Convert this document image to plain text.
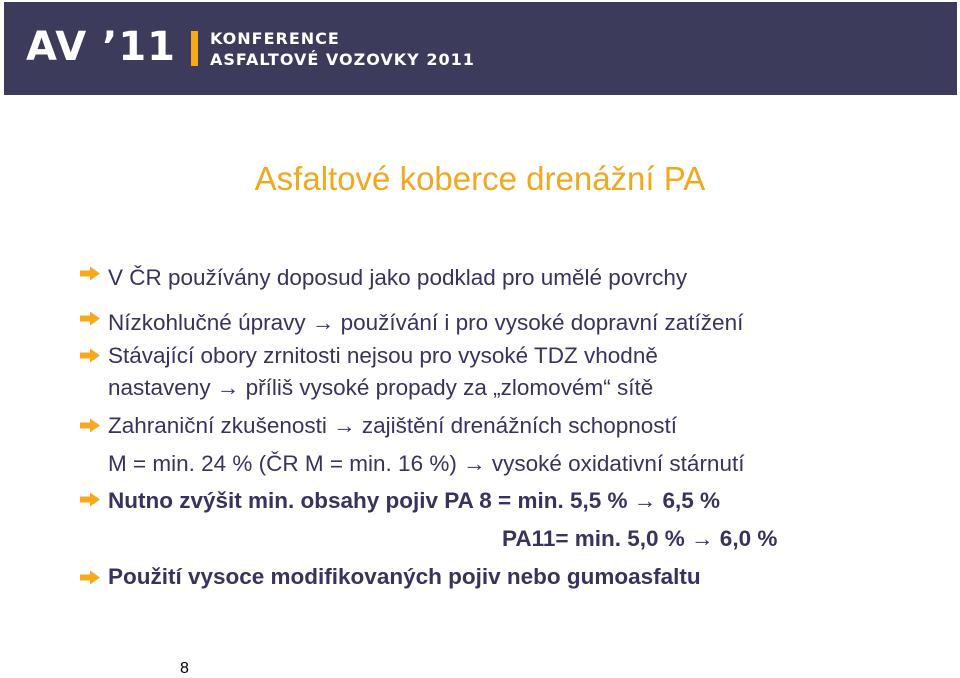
AV ’11 KONFERENCE
ASFALTOVÉ VOZOVKY 2011
Asfaltové koberce drenážní PA

V ČR používány doposud jako podklad pro umělé povrchy

Nízkohlučné úpravy → používání i pro vysoké dopravní zatížení

Stávající obory zrnitosti nejsou pro vysoké TDZ vhodně

nastaveny → příliš vysoké propady za „zlomovém“ sítě

Zahraniční zkušenosti → zajištění drenážních schopností

M = min. 24 % (ČR M = min. 16 %) → vysoké oxidativní stárnutí

Nutno zvýšit min. obsahy pojiv PA 8 = min. 5,5 % → 6,5 %

PA11= min. 5,0 % → 6,0 %

Použití vysoce modifikovaných pojiv nebo gumoasfaltu

8
